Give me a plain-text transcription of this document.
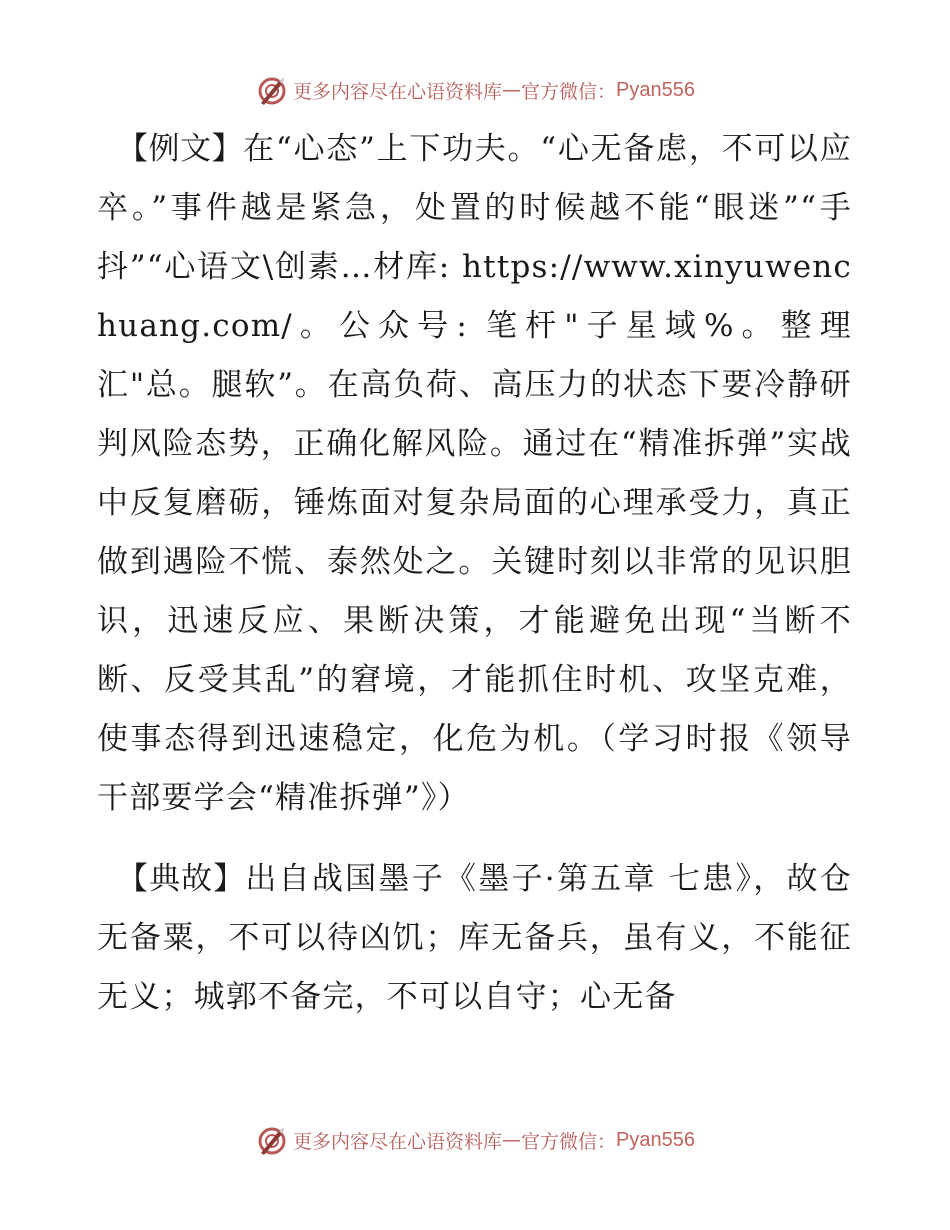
更多内容尽在心语资料库 — 官方微信： Pyan556

【例文】在“心态”上下功夫。“心无备虑，不可以应卒。”事件越是紧急，处置的时候越不能“眼迷”“手抖”“心语文\创素…材库: https://www.xinyuwenchuang.com/。公众号: 笔杆"子星域%。整理汇"总。腿软”。在高负荷、高压力的状态下要冷静研判风险态势，正确化解风险。通过在“精准拆弹”实战中反复磨砺，锤炼面对复杂局面的心理承受力，真正做到遇险不慌、泰然处之。关键时刻以非常的见识胆识，迅速反应、果断决策，才能避免出现“当断不断、反受其乱”的窘境，才能抓住时机、攻坚克难，使事态得到迅速稳定，化危为机。（学习时报《领导干部要学会“精准拆弹”》）

【典故】出自战国墨子《墨子·第五章 七患》，故仓无备粟，不可以待凶饥；库无备兵，虽有义，不能征无义；城郭不备完，不可以自守；心无备

更多内容尽在心语资料库 — 官方微信： Pyan556
